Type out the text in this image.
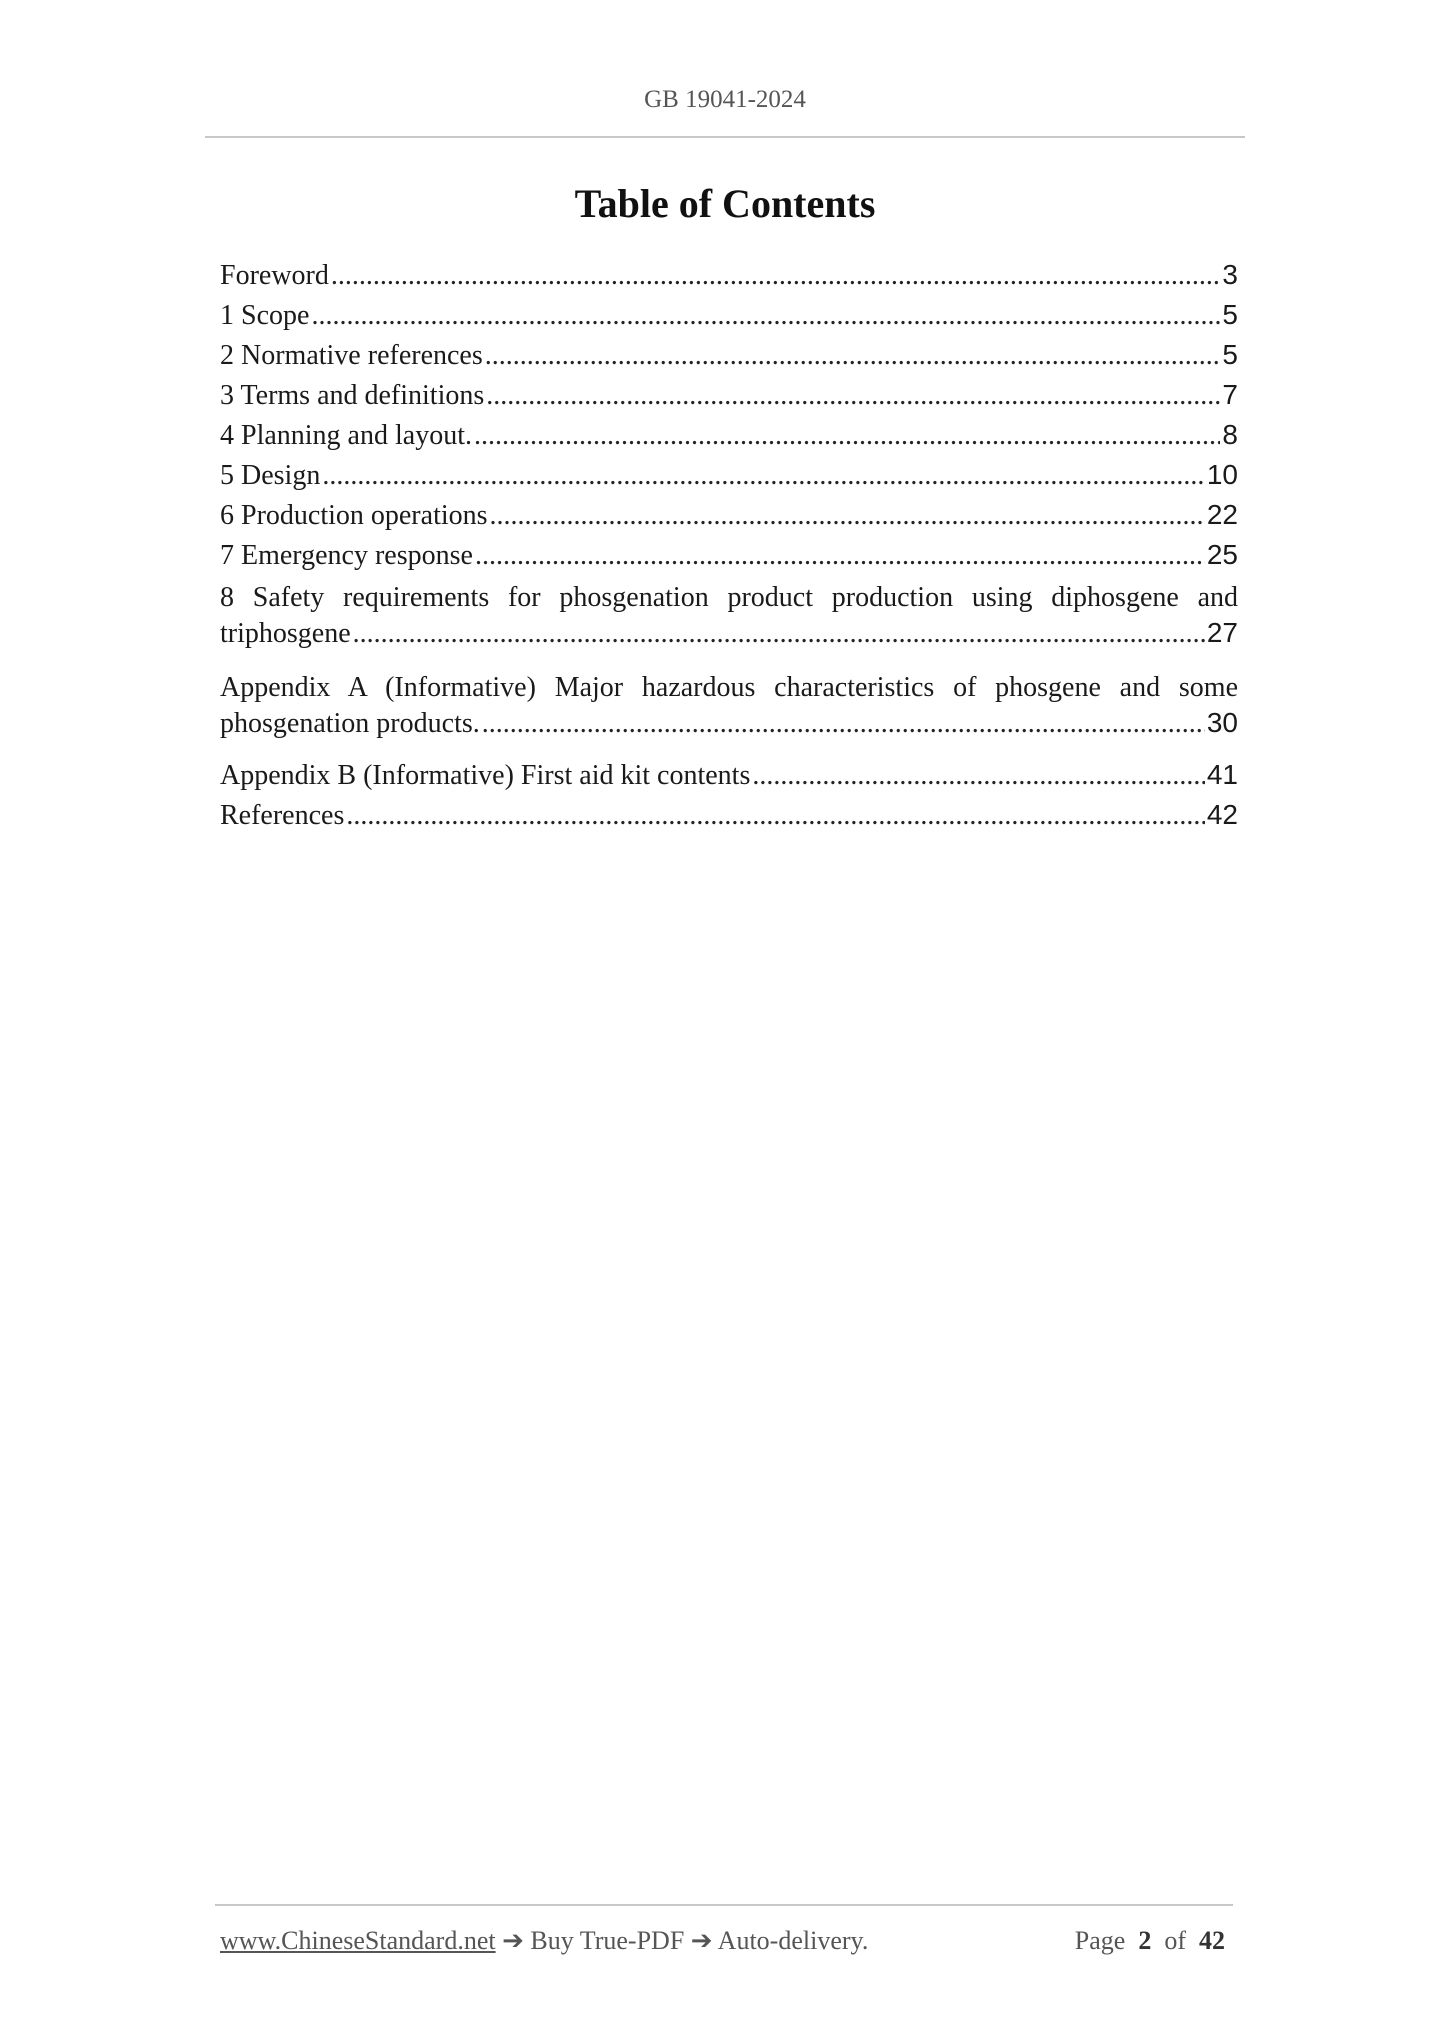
GB 19041-2024
Table of Contents
Foreword .....	3
1 Scope .....	5
2 Normative references .....	5
3 Terms and definitions .....	7
4 Planning and layout. .....	8
5 Design .....	10
6 Production operations .....	22
7 Emergency response .....	25
8 Safety requirements for phosgenation product production using diphosgene and
triphosgene .....	27
Appendix A (Informative) Major hazardous characteristics of phosgene and some
phosgenation products. .....	30
Appendix B (Informative) First aid kit contents .....	41
References .....	42
www.ChineseStandard.net ➔ Buy True-PDF ➔ Auto-delivery.	Page 2 of 42
